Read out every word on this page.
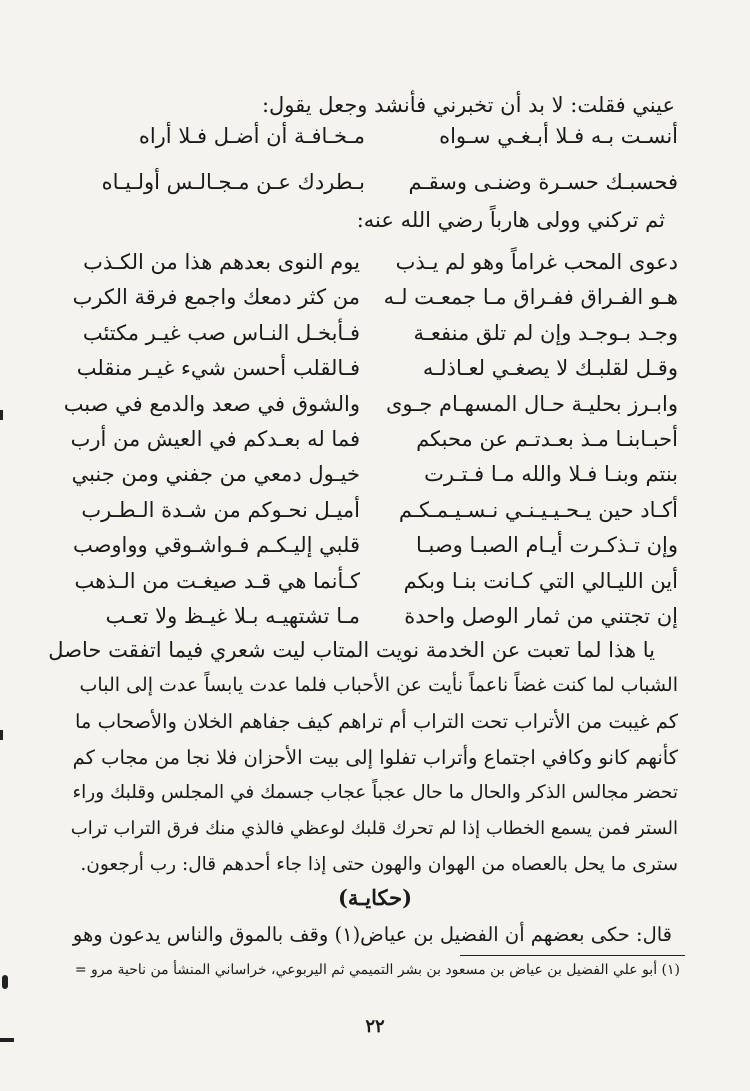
عيني فقلت: لا بد أن تخبرني فأنشد وجعل يقول:
أنسـت بـه فـلا أبـغـي سـواه
مـخـافـة أن أضـل فـلا أراه
فحسبـك حسـرة وضنـى وسقـم
بـطردك عـن مـجـالـس أولـيـاه
ثم تركني وولى هارباً رضي الله عنه:
دعوى المحب غراماً وهو لم يـذب
يوم النوى بعدهم هذا من الكـذب
هـو الفـراق ففـراق مـا جمعـت لـه
من كثر دمعك واجمع فرقة الكرب
وجـد بـوجـد وإن لم تلق منفعـة
فـأبخـل النـاس صب غيـر مكتئب
وقـل لقلبـك لا يصغـي لعـاذلـه
فـالقلب أحسن شيء غيـر منقلب
وابـرز بحليـة حـال المسهـام جـوى
والشوق في صعد والدمع في صبب
أحبـابنـا مـذ بعـدتـم عن محبكم
فما له بعـدكم في العيش من أرب
بنتم وبنـا فـلا والله مـا فـتـرت
خيـول دمعي من جفني ومن جنبي
أكـاد حين يـحـيـيـنـي نـسـيـمـكـم
أميـل نحـوكم من شـدة الـطـرب
وإن تـذكـرت أيـام الصبـا وصبـا
قلبي إليـكـم فـواشـوقي وواوصب
أين الليـالي التي كـانت بنـا وبكم
كـأنما هي قـد صيغـت من الـذهب
إن تجتني من ثمار الوصل واحدة
مـا تشتهيـه بـلا غيـظ ولا تعـب
يا هذا لما تعبت عن الخدمة نويت المتاب ليت شعري فيما اتفقت حاصل
الشباب لما كنت غضاً ناعماً نأيت عن الأحباب فلما عدت يابساً عدت إلى الباب
كم غيبت من الأتراب تحت التراب أم تراهم كيف جفاهم الخلان والأصحاب ما
كأنهم كانو وكافي اجتماع وأتراب تفلوا إلى بيت الأحزان فلا نجا من مجاب كم
تحضر مجالس الذكر والحال ما حال عجباً عجاب جسمك في المجلس وقلبك وراء
الستر فمن يسمع الخطاب إذا لم تحرك قلبك لوعظي فالذي منك فرق التراب تراب
سترى ما يحل بالعصاه من الهوان والهون حتى إذا جاء أحدهم قال: رب أرجعون.
قال: حكى بعضهم أن الفضيل بن عياض(١) وقف بالموق والناس يدعون وهو
(حكايـة)
(١) أبو علي الفضيل بن عياض بن مسعود بن بشر التميمي ثم اليربوعي، خراساني المنشأ من ناحية مرو =
٢٢
